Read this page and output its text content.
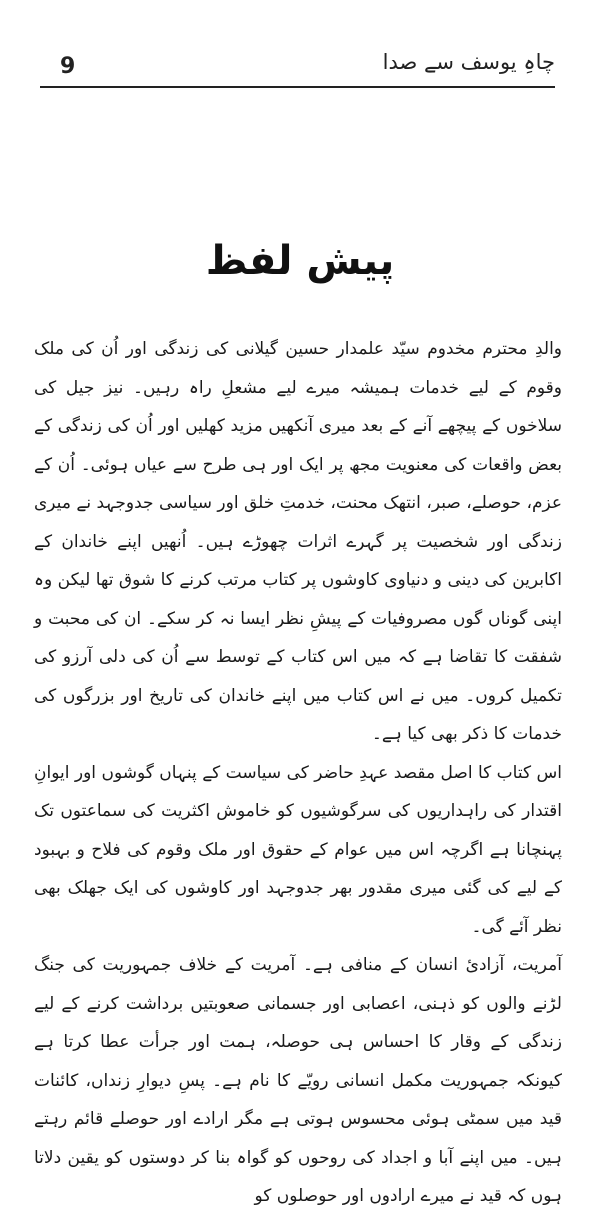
9	چاہِ یوسف سے صدا
پیش لفظ

والدِ محترم مخدوم سیّد علمدار حسین گیلانی کی زندگی اور اُن کی ملک وقوم کے لیے خدمات ہمیشہ میرے لیے مشعلِ راہ رہیں۔ نیز جیل کی سلاخوں کے پیچھے آنے کے بعد میری آنکھیں مزید کھلیں اور اُن کی زندگی کے بعض واقعات کی معنویت مجھ پر ایک اور ہی طرح سے عیاں ہوئی۔ اُن کے عزم، حوصلے، صبر، انتھک محنت، خدمتِ خلق اور سیاسی جدوجہد نے میری زندگی اور شخصیت پر گہرے اثرات چھوڑے ہیں۔ اُنھیں اپنے خاندان کے اکابرین کی دینی و دنیاوی کاوشوں پر کتاب مرتب کرنے کا شوق تھا لیکن وہ اپنی گوناں گوں مصروفیات کے پیشِ نظر ایسا نہ کر سکے۔ ان کی محبت و شفقت کا تقاضا ہے کہ میں اس کتاب کے توسط سے اُن کی دلی آرزو کی تکمیل کروں۔ میں نے اس کتاب میں اپنے خاندان کی تاریخ اور بزرگوں کی خدمات کا ذکر بھی کیا ہے۔

اس کتاب کا اصل مقصد عہدِ حاضر کی سیاست کے پنہاں گوشوں اور ایوانِ اقتدار کی راہداریوں کی سرگوشیوں کو خاموش اکثریت کی سماعتوں تک پہنچانا ہے اگرچہ اس میں عوام کے حقوق اور ملک وقوم کی فلاح و بہبود کے لیے کی گئی میری مقدور بھر جدوجہد اور کاوشوں کی ایک جھلک بھی نظر آئے گی۔

آمریت، آزادیٔ انسان کے منافی ہے۔ آمریت کے خلاف جمہوریت کی جنگ لڑنے والوں کو ذہنی، اعصابی اور جسمانی صعوبتیں برداشت کرنے کے لیے زندگی کے وقار کا احساس ہی حوصلہ، ہمت اور جرأت عطا کرتا ہے کیونکہ جمہوریت مکمل انسانی رویّے کا نام ہے۔ پسِ دیوارِ زنداں، کائنات قید میں سمٹی ہوئی محسوس ہوتی ہے مگر ارادے اور حوصلے قائم رہتے ہیں۔ میں اپنے آبا و اجداد کی روحوں کو گواہ بنا کر دوستوں کو یقین دلاتا ہوں کہ قید نے میرے ارادوں اور حوصلوں کو
